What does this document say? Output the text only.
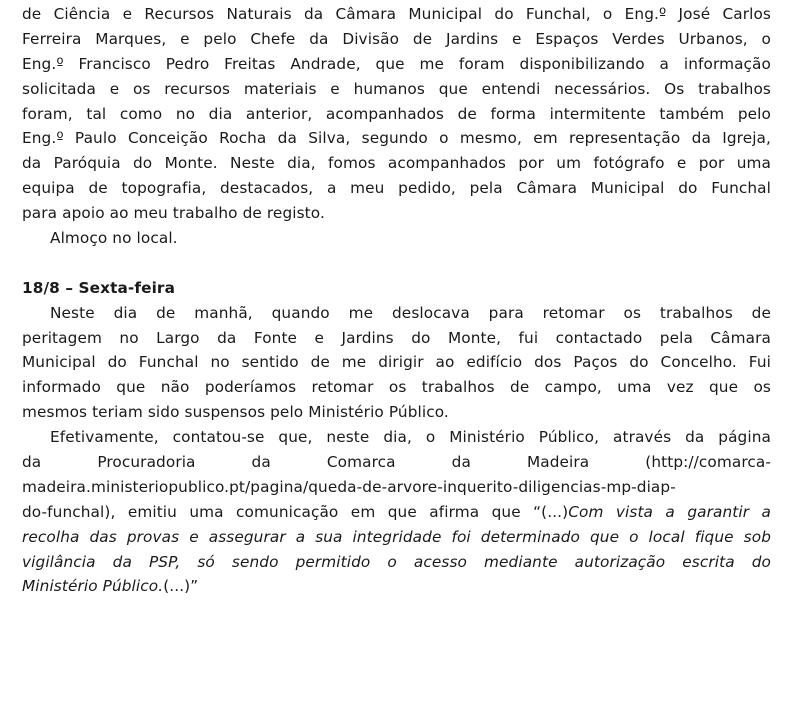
de Ciência e Recursos Naturais da Câmara Municipal do Funchal, o Eng.º José Carlos
Ferreira Marques, e pelo Chefe da Divisão de Jardins e Espaços Verdes Urbanos, o
Eng.º Francisco Pedro Freitas Andrade, que me foram disponibilizando a informação
solicitada e os recursos materiais e humanos que entendi necessários. Os trabalhos
foram, tal como no dia anterior, acompanhados de forma intermitente também pelo
Eng.º Paulo Conceição Rocha da Silva, segundo o mesmo, em representação da Igreja,
da Paróquia do Monte. Neste dia, fomos acompanhados por um fotógrafo e por uma
equipa de topografia, destacados, a meu pedido, pela Câmara Municipal do Funchal
para apoio ao meu trabalho de registo.
Almoço no local.
18/8 – Sexta-feira
Neste dia de manhã, quando me deslocava para retomar os trabalhos de
peritagem no Largo da Fonte e Jardins do Monte, fui contactado pela Câmara
Municipal do Funchal no sentido de me dirigir ao edifício dos Paços do Concelho. Fui
informado que não poderíamos retomar os trabalhos de campo, uma vez que os
mesmos teriam sido suspensos pelo Ministério Público.
Efetivamente, contatou-se que, neste dia, o Ministério Público, através da página
da	Procuradoria	da	Comarca	da	Madeira	(http://comarca-
madeira.ministeriopublico.pt/pagina/queda-de-arvore-inquerito-diligencias-mp-diap-
do-funchal), emitiu uma comunicação em que afirma que “(...)Com vista a garantir a
recolha das provas e assegurar a sua integridade foi determinado que o local fique sob
vigilância da PSP, só sendo permitido o acesso mediante autorização escrita do
Ministério Público.(...)”
